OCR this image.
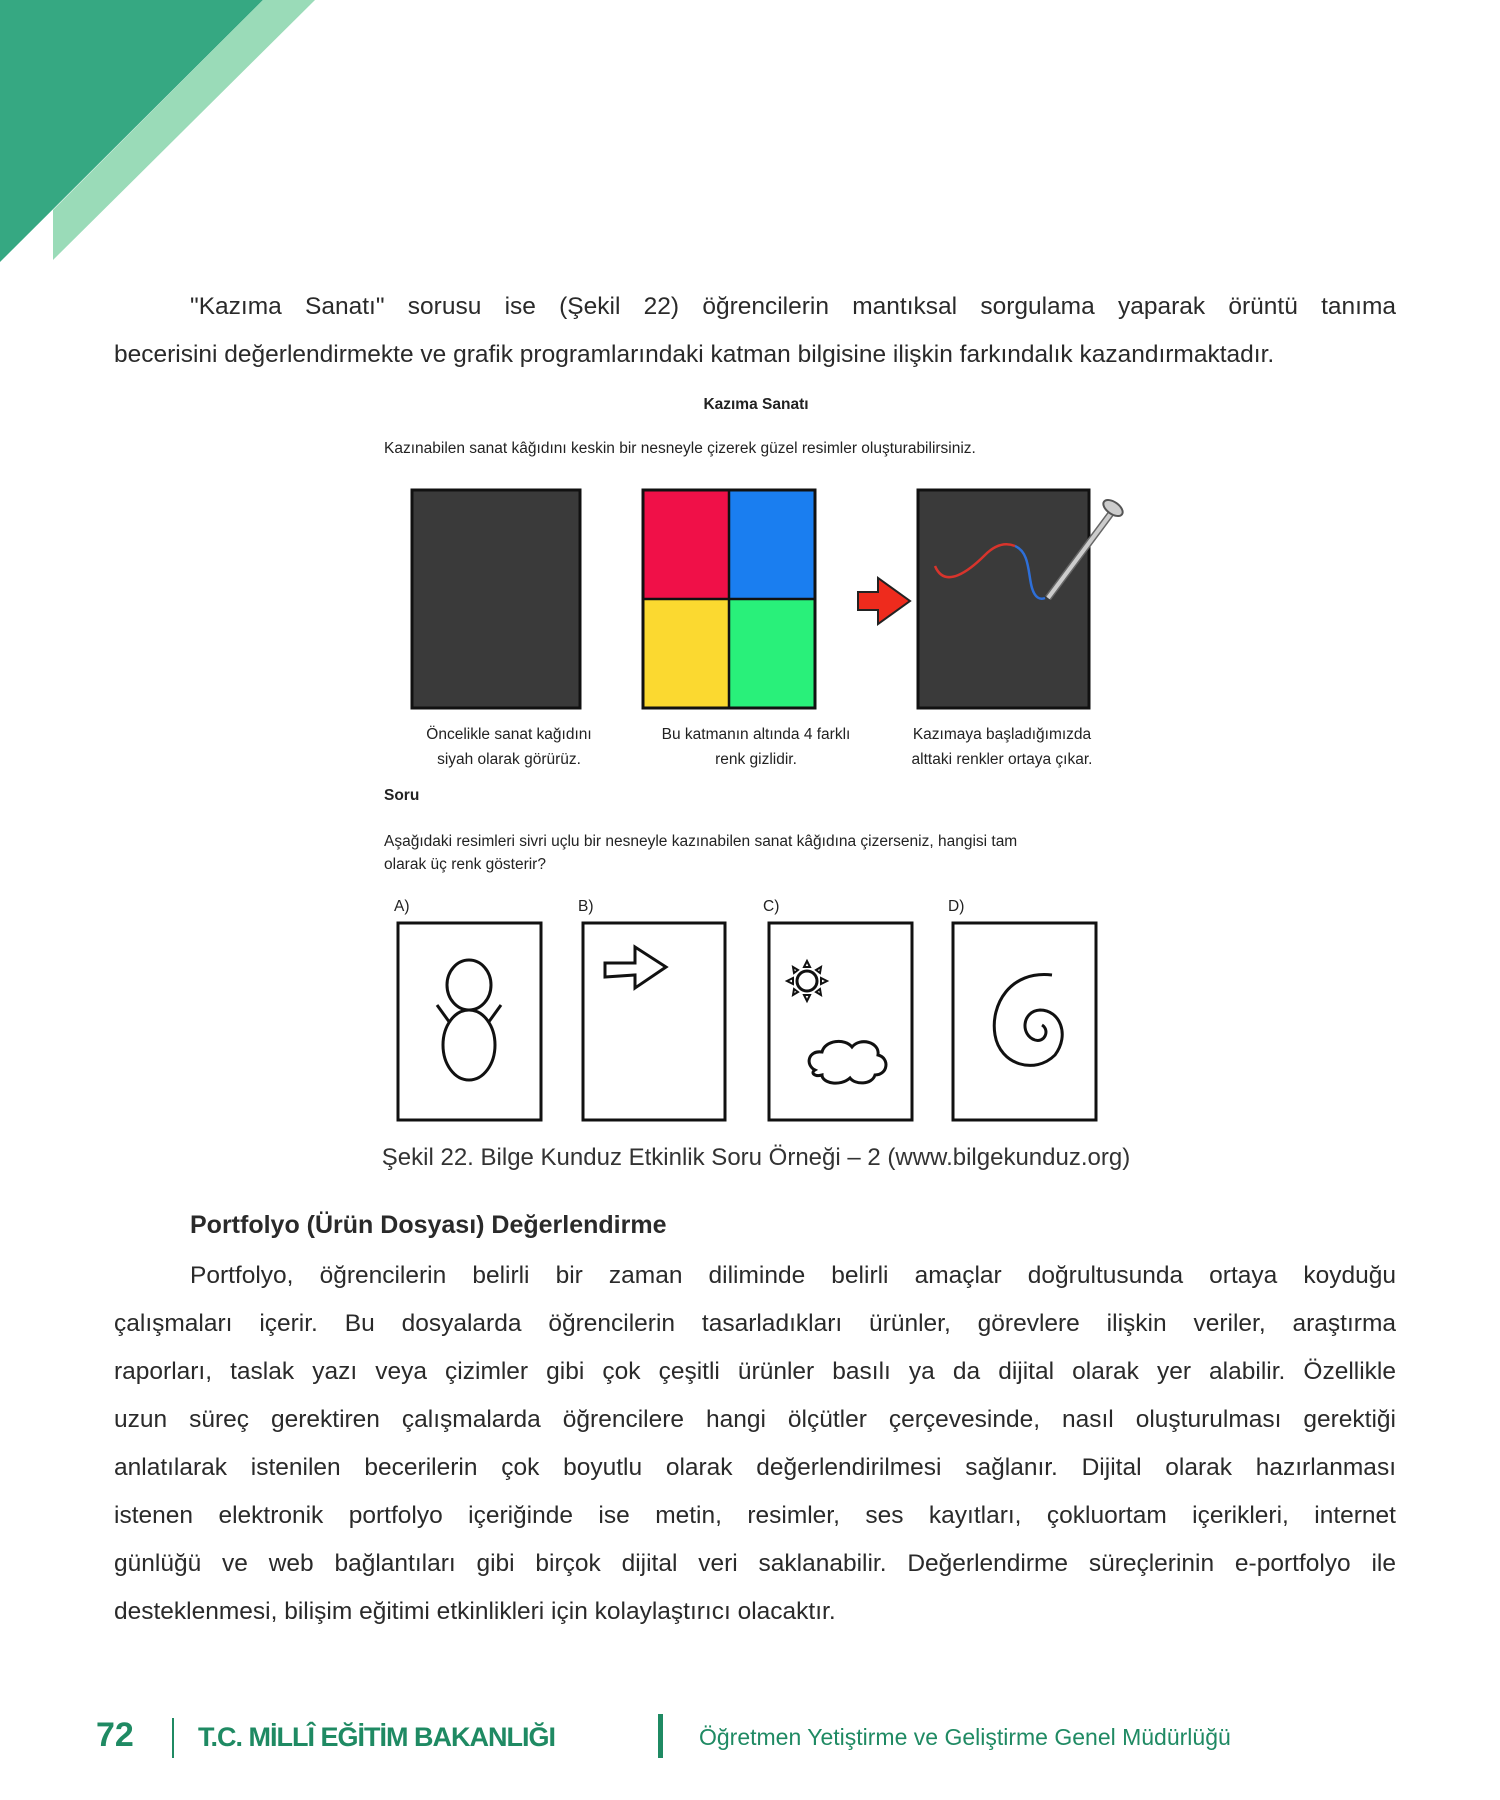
"Kazıma Sanatı" sorusu ise (Şekil 22) öğrencilerin mantıksal sorgulama yaparak örüntü tanıma
becerisini değerlendirmekte ve grafik programlarındaki katman bilgisine ilişkin farkındalık kazandırmaktadır.
Kazıma Sanatı
Kazınabilen sanat kâğıdını keskin bir nesneyle çizerek güzel resimler oluşturabilirsiniz.
Öncelikle sanat kağıdını
siyah olarak görürüz.
Bu katmanın altında 4 farklı
renk gizlidir.
Kazımaya başladığımızda
alttaki renkler ortaya çıkar.
Soru
Aşağıdaki resimleri sivri uçlu bir nesneyle kazınabilen sanat kâğıdına çizerseniz, hangisi tam
olarak üç renk gösterir?
A)	B)	C)	D)
Şekil 22. Bilge Kunduz Etkinlik Soru Örneği – 2 (www.bilgekunduz.org)
Portfolyo (Ürün Dosyası) Değerlendirme
Portfolyo, öğrencilerin belirli bir zaman diliminde belirli amaçlar doğrultusunda ortaya koyduğu
çalışmaları içerir. Bu dosyalarda öğrencilerin tasarladıkları ürünler, görevlere ilişkin veriler, araştırma
raporları, taslak yazı veya çizimler gibi çok çeşitli ürünler basılı ya da dijital olarak yer alabilir. Özellikle
uzun süreç gerektiren çalışmalarda öğrencilere hangi ölçütler çerçevesinde, nasıl oluşturulması gerektiği
anlatılarak istenilen becerilerin çok boyutlu olarak değerlendirilmesi sağlanır. Dijital olarak hazırlanması
istenen elektronik portfolyo içeriğinde ise metin, resimler, ses kayıtları, çokluortam içerikleri, internet
günlüğü ve web bağlantıları gibi birçok dijital veri saklanabilir. Değerlendirme süreçlerinin e-portfolyo ile
desteklenmesi, bilişim eğitimi etkinlikleri için kolaylaştırıcı olacaktır.
72 T.C. MİLLÎ EĞİTİM BAKANLIĞI	Öğretmen Yetiştirme ve Geliştirme Genel Müdürlüğü
